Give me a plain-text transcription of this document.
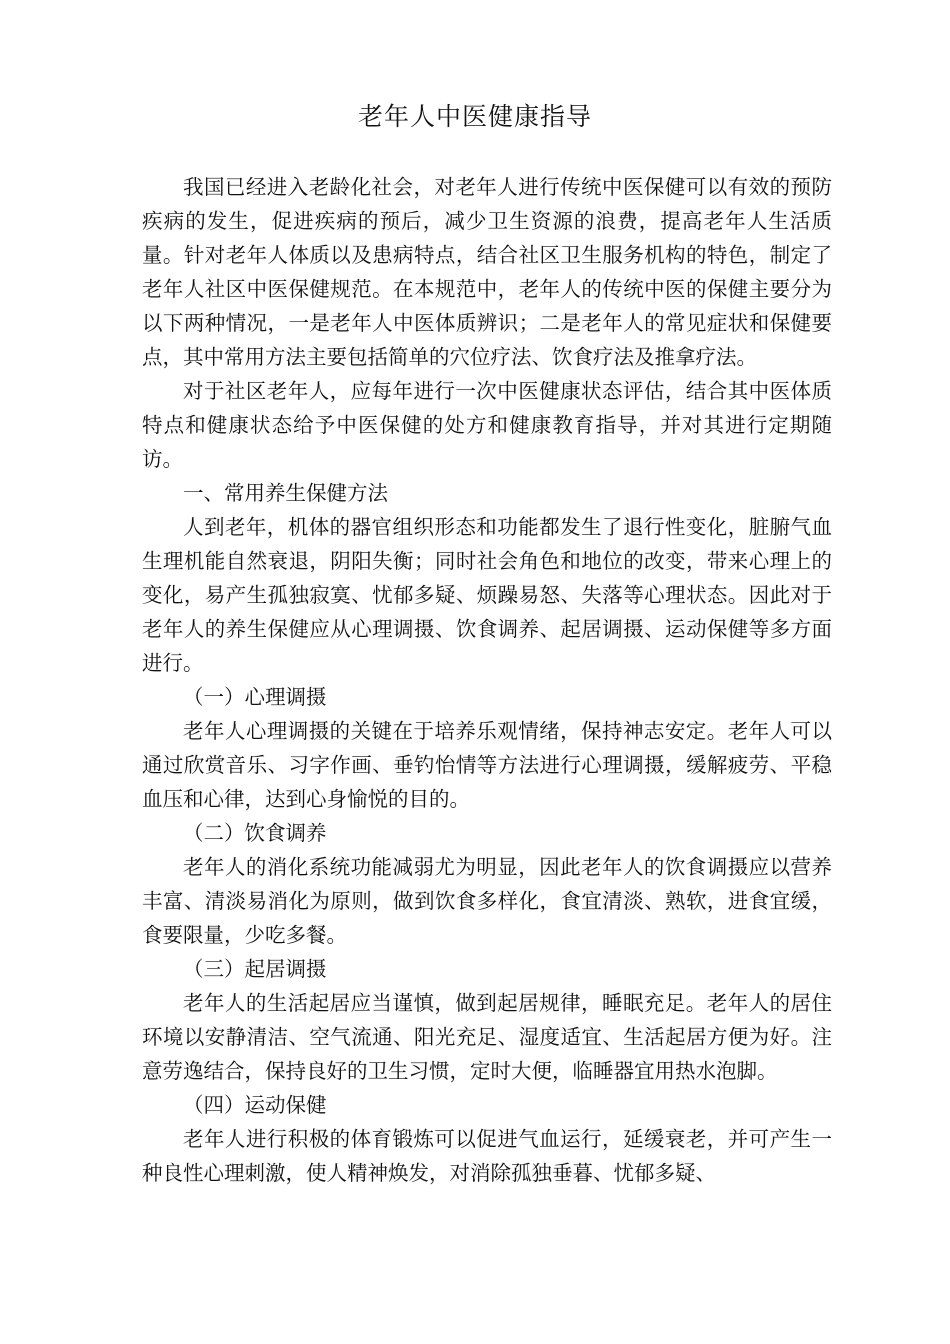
老年人中医健康指导

我国已经进入老龄化社会，对老年人进行传统中医保健可以有效的预防疾病的发生，促进疾病的预后，减少卫生资源的浪费，提高老年人生活质量。针对老年人体质以及患病特点，结合社区卫生服务机构的特色，制定了老年人社区中医保健规范。在本规范中，老年人的传统中医的保健主要分为以下两种情况，一是老年人中医体质辨识；二是老年人的常见症状和保健要点，其中常用方法主要包括简单的穴位疗法、饮食疗法及推拿疗法。

对于社区老年人，应每年进行一次中医健康状态评估，结合其中医体质特点和健康状态给予中医保健的处方和健康教育指导，并对其进行定期随访。

一、常用养生保健方法

人到老年，机体的器官组织形态和功能都发生了退行性变化，脏腑气血生理机能自然衰退，阴阳失衡；同时社会角色和地位的改变，带来心理上的变化，易产生孤独寂寞、忧郁多疑、烦躁易怒、失落等心理状态。因此对于老年人的养生保健应从心理调摄、饮食调养、起居调摄、运动保健等多方面进行。

（一）心理调摄

老年人心理调摄的关键在于培养乐观情绪，保持神志安定。老年人可以通过欣赏音乐、习字作画、垂钓怡情等方法进行心理调摄，缓解疲劳、平稳血压和心律，达到心身愉悦的目的。

（二）饮食调养

老年人的消化系统功能减弱尤为明显，因此老年人的饮食调摄应以营养丰富、清淡易消化为原则，做到饮食多样化，食宜清淡、熟软，进食宜缓，食要限量，少吃多餐。

（三）起居调摄

老年人的生活起居应当谨慎，做到起居规律，睡眠充足。老年人的居住环境以安静清洁、空气流通、阳光充足、湿度适宜、生活起居方便为好。注意劳逸结合，保持良好的卫生习惯，定时大便，临睡器宜用热水泡脚。

（四）运动保健

老年人进行积极的体育锻炼可以促进气血运行，延缓衰老，并可产生一种良性心理刺激，使人精神焕发，对消除孤独垂暮、忧郁多疑、
